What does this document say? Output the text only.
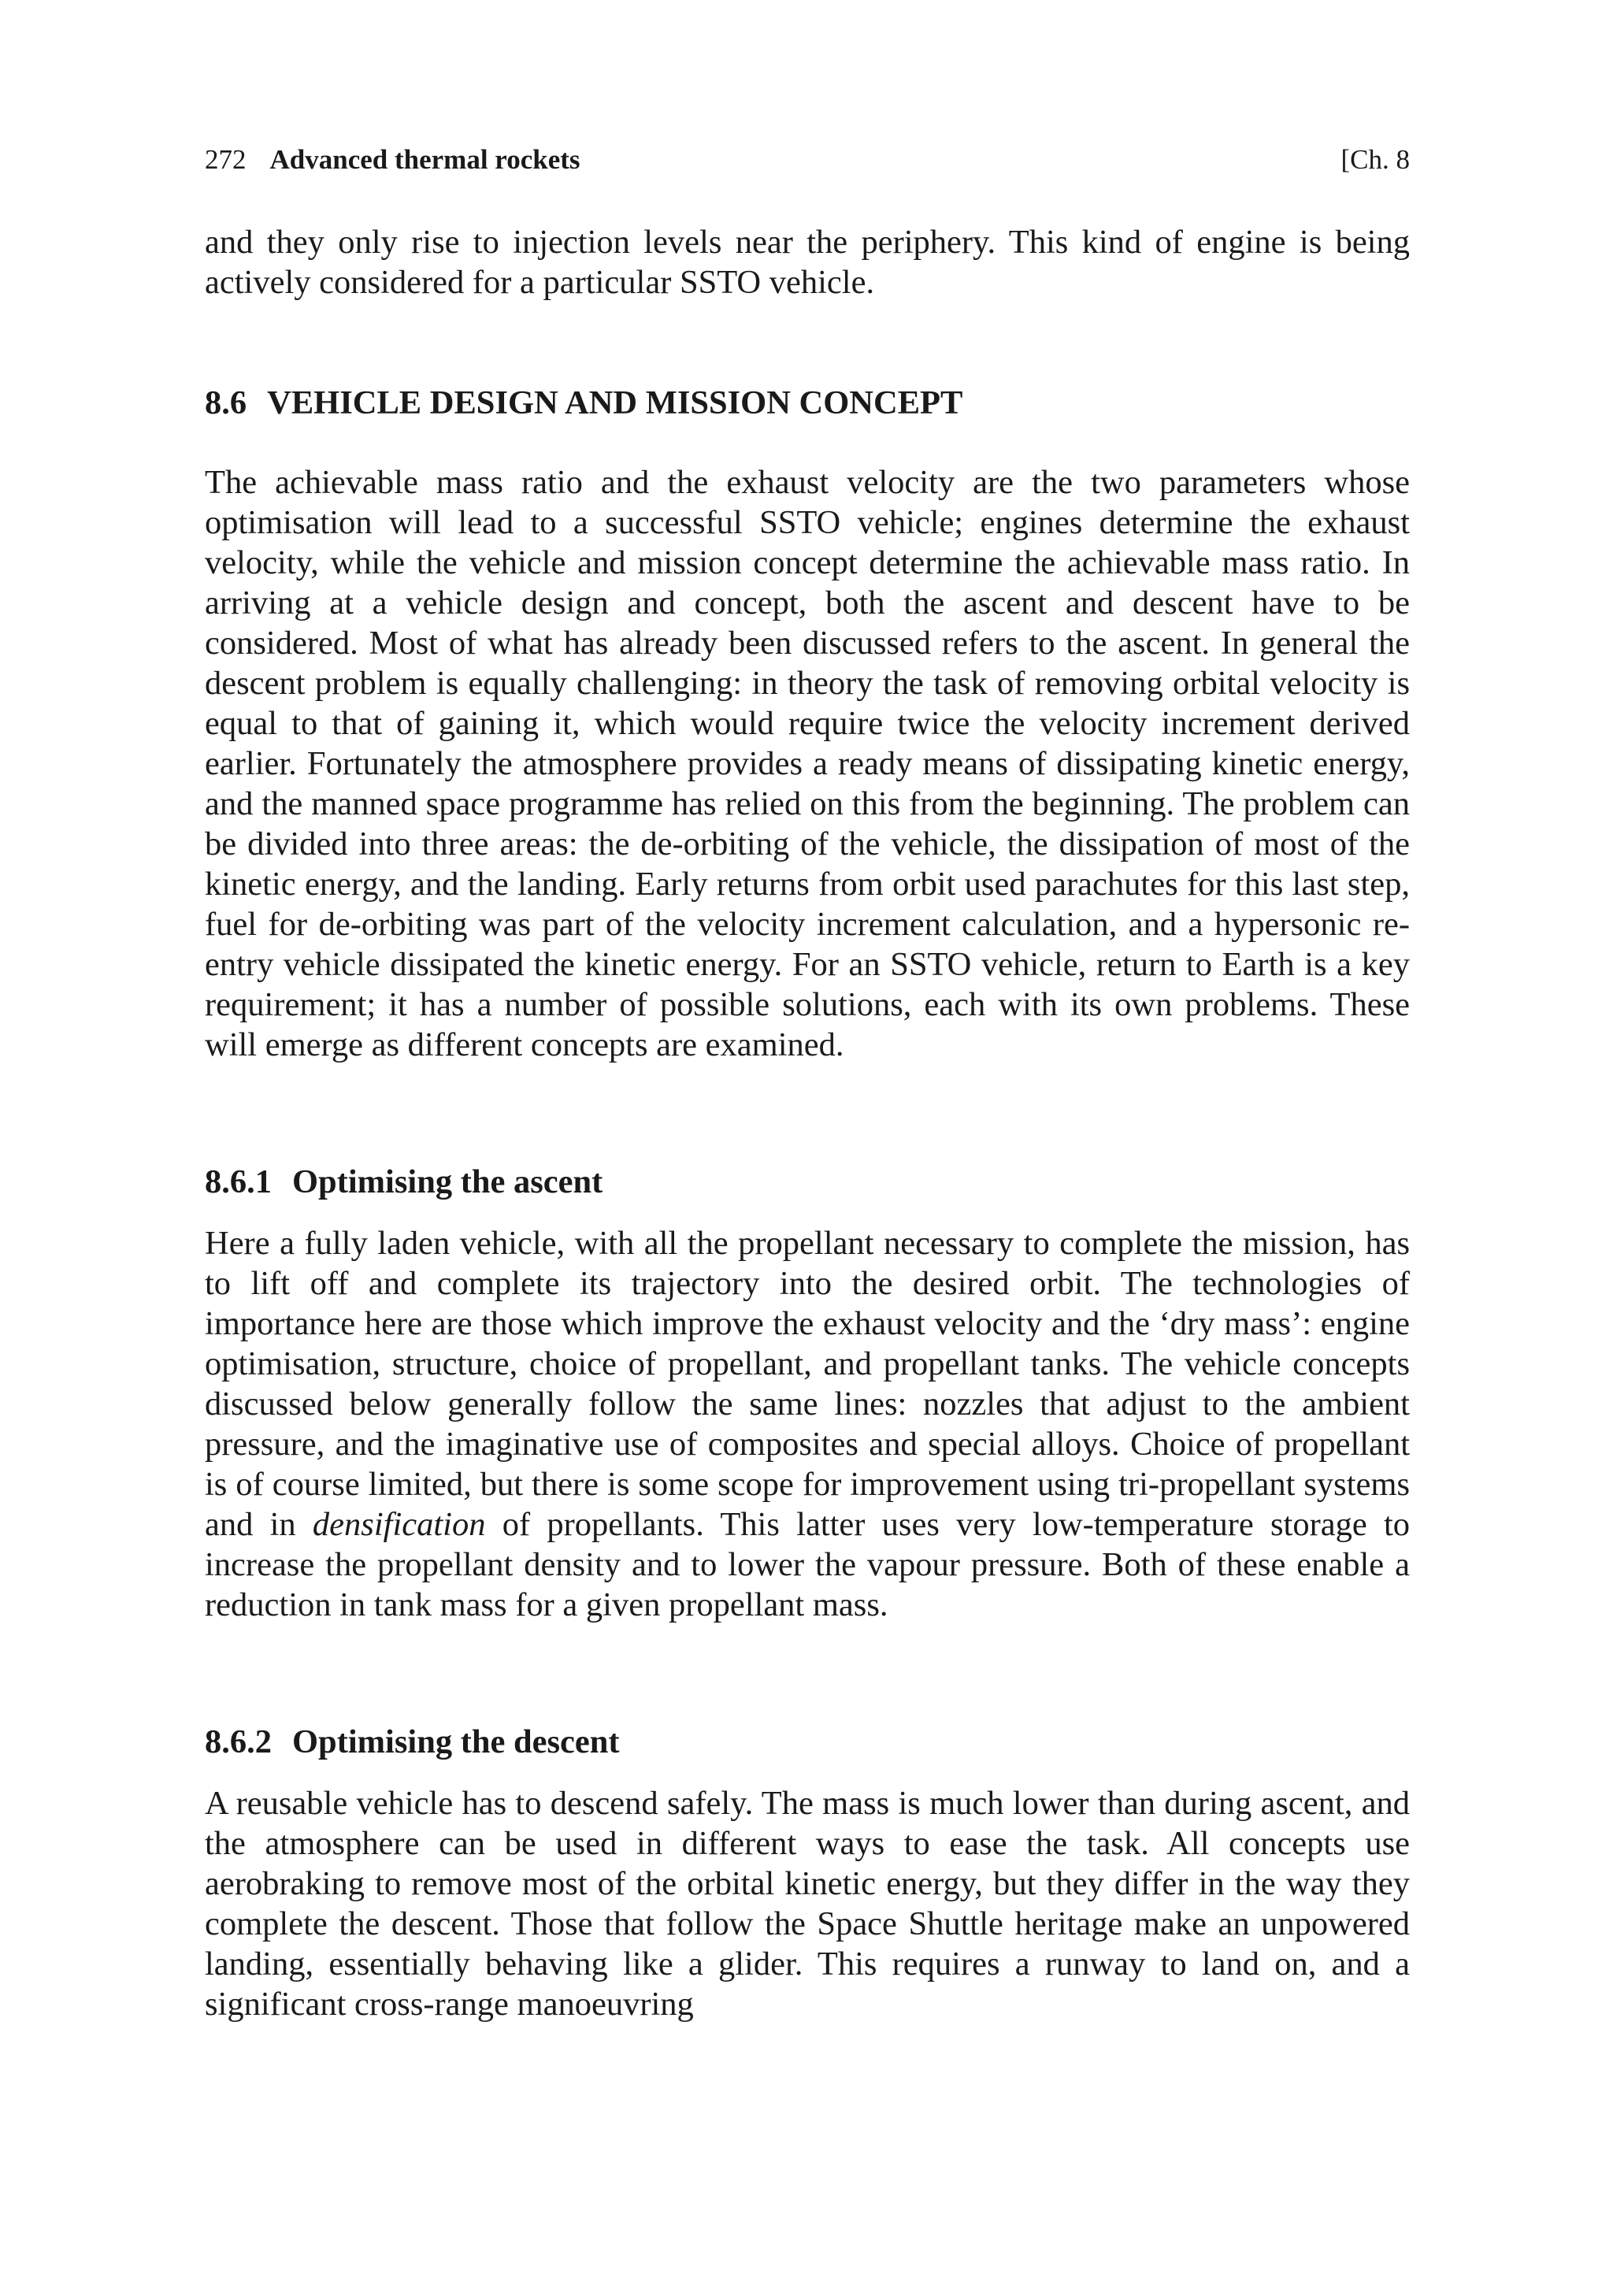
272 Advanced thermal rockets	[Ch. 8

and they only rise to injection levels near the periphery. This kind of engine is being actively considered for a particular SSTO vehicle.

8.6 VEHICLE DESIGN AND MISSION CONCEPT

The achievable mass ratio and the exhaust velocity are the two parameters whose optimisation will lead to a successful SSTO vehicle; engines determine the exhaust velocity, while the vehicle and mission concept determine the achievable mass ratio. In arriving at a vehicle design and concept, both the ascent and descent have to be considered. Most of what has already been discussed refers to the ascent. In general the descent problem is equally challenging: in theory the task of removing orbital velocity is equal to that of gaining it, which would require twice the velocity increment derived earlier. Fortunately the atmosphere provides a ready means of dissipating kinetic energy, and the manned space programme has relied on this from the beginning. The problem can be divided into three areas: the de-orbiting of the vehicle, the dissipation of most of the kinetic energy, and the landing. Early returns from orbit used parachutes for this last step, fuel for de-orbiting was part of the velocity increment calculation, and a hypersonic re-entry vehicle dissipated the kinetic energy. For an SSTO vehicle, return to Earth is a key requirement; it has a number of possible solutions, each with its own problems. These will emerge as different concepts are examined.

8.6.1 Optimising the ascent

Here a fully laden vehicle, with all the propellant necessary to complete the mission, has to lift off and complete its trajectory into the desired orbit. The technologies of importance here are those which improve the exhaust velocity and the ‘dry mass’: engine optimisation, structure, choice of propellant, and propellant tanks. The vehicle concepts discussed below generally follow the same lines: nozzles that adjust to the ambient pressure, and the imaginative use of composites and special alloys. Choice of propellant is of course limited, but there is some scope for improvement using tri-propellant systems and in densification of propellants. This latter uses very low-temperature storage to increase the propellant density and to lower the vapour pressure. Both of these enable a reduction in tank mass for a given propellant mass.

8.6.2 Optimising the descent

A reusable vehicle has to descend safely. The mass is much lower than during ascent, and the atmosphere can be used in different ways to ease the task. All concepts use aerobraking to remove most of the orbital kinetic energy, but they differ in the way they complete the descent. Those that follow the Space Shuttle heritage make an unpowered landing, essentially behaving like a glider. This requires a runway to land on, and a significant cross-range manoeuvring
